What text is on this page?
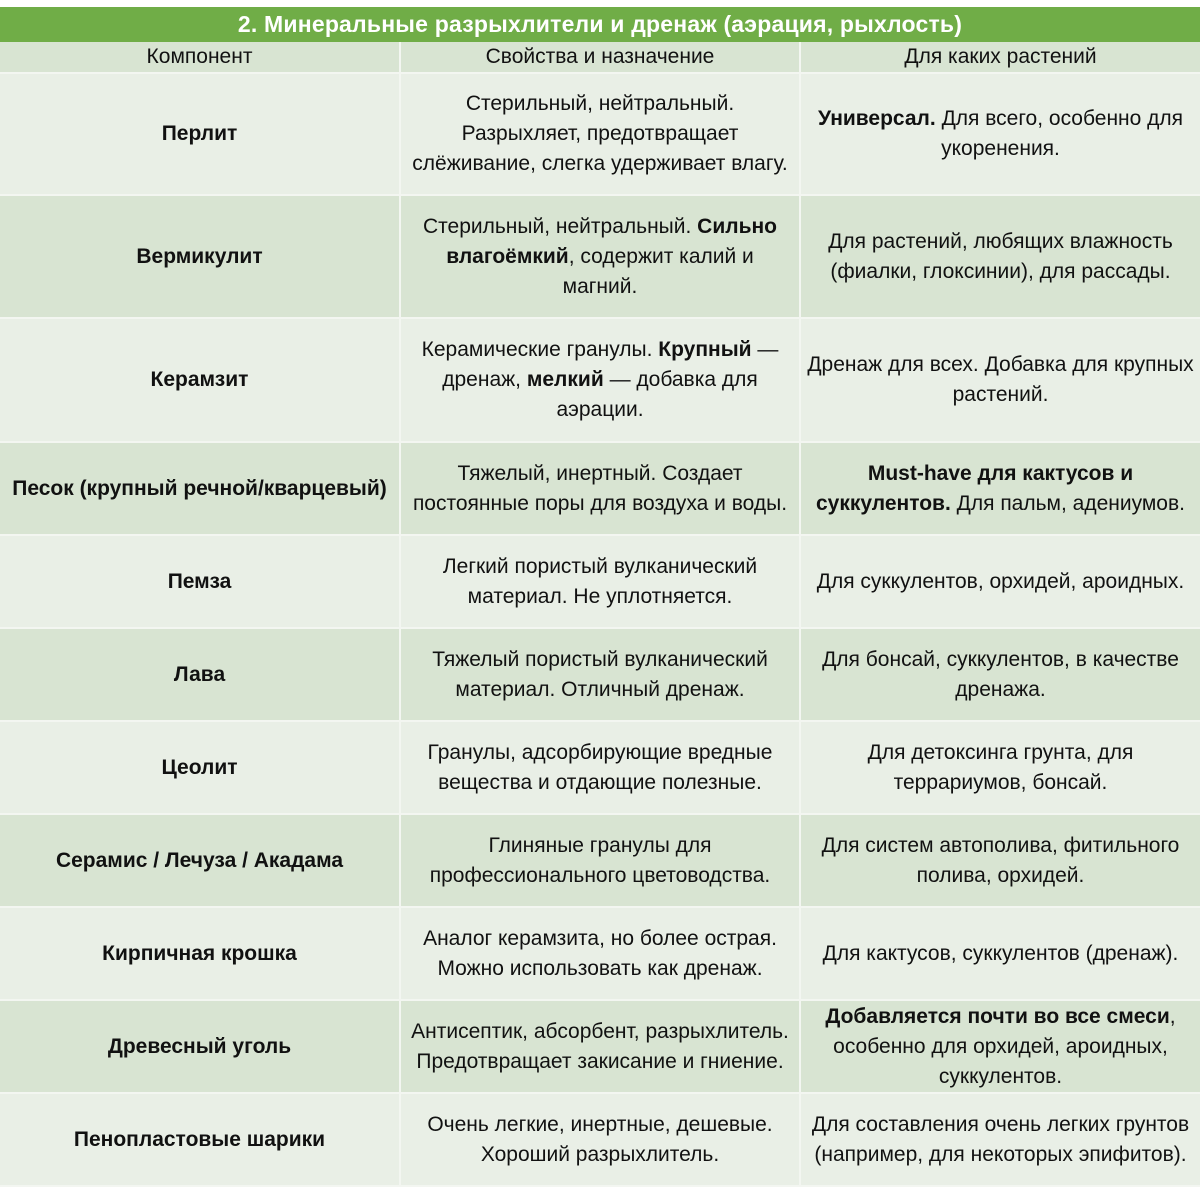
2. Минеральные разрыхлители и дренаж (аэрация, рыхлость)
Компонент	Свойства и назначение	Для каких растений
Перлит	Стерильный, нейтральный. Разрыхляет, предотвращает слёживание, слегка удерживает влагу.	Универсал. Для всего, особенно для укоренения.
Вермикулит	Стерильный, нейтральный. Сильно влагоёмкий, содержит калий и магний.	Для растений, любящих влажность (фиалки, глоксинии), для рассады.
Керамзит	Керамические гранулы. Крупный — дренаж, мелкий — добавка для аэрации.	Дренаж для всех. Добавка для крупных растений.
Песок (крупный речной/кварцевый)	Тяжелый, инертный. Создает постоянные поры для воздуха и воды.	Must-have для кактусов и суккулентов. Для пальм, адениумов.
Пемза	Легкий пористый вулканический материал. Не уплотняется.	Для суккулентов, орхидей, ароидных.
Лава	Тяжелый пористый вулканический материал. Отличный дренаж.	Для бонсай, суккулентов, в качестве дренажа.
Цеолит	Гранулы, адсорбирующие вредные вещества и отдающие полезные.	Для детоксинга грунта, для террариумов, бонсай.
Серамис / Лечуза / Акадама	Глиняные гранулы для профессионального цветоводства.	Для систем автополива, фитильного полива, орхидей.
Кирпичная крошка	Аналог керамзита, но более острая. Можно использовать как дренаж.	Для кактусов, суккулентов (дренаж).
Древесный уголь	Антисептик, абсорбент, разрыхлитель. Предотвращает закисание и гниение.	Добавляется почти во все смеси, особенно для орхидей, ароидных, суккулентов.
Пенопластовые шарики	Очень легкие, инертные, дешевые. Хороший разрыхлитель.	Для составления очень легких грунтов (например, для некоторых эпифитов).
